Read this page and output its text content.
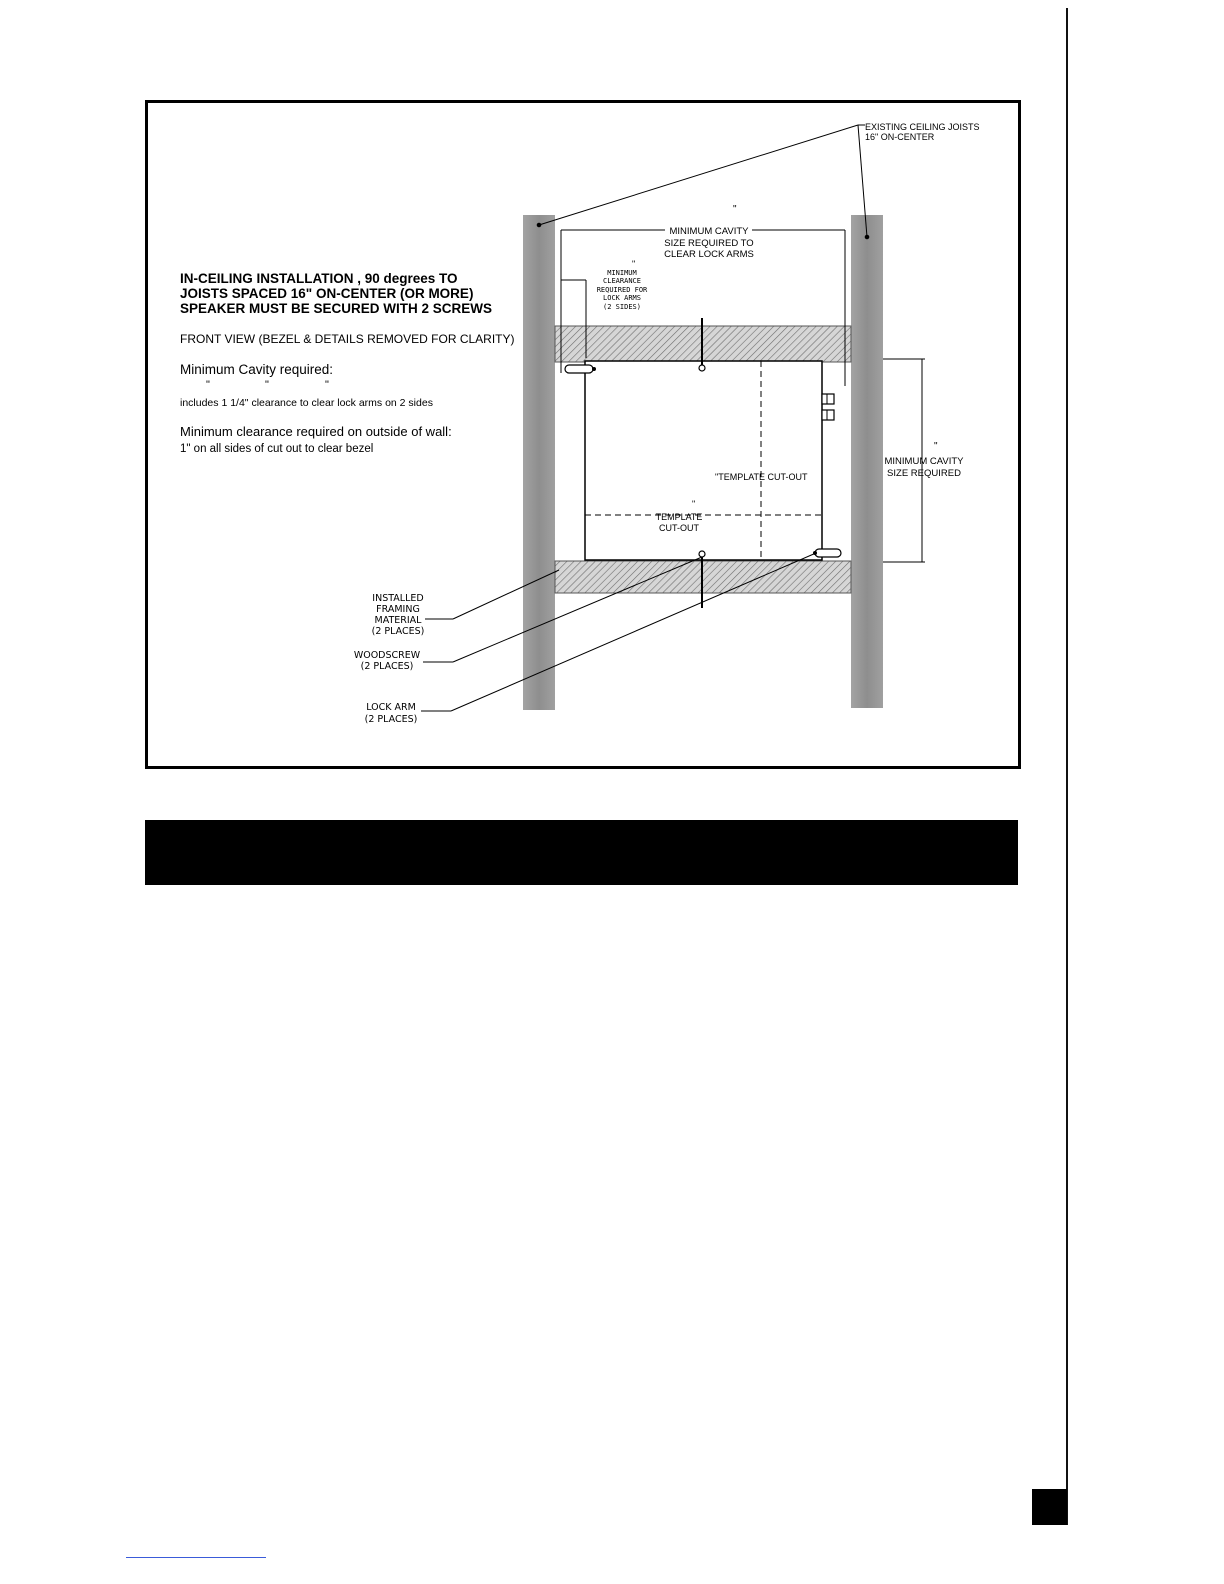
IN-CEILING INSTALLATION , 90 degrees TO
JOISTS SPACED 16" ON-CENTER (OR MORE)
SPEAKER MUST BE SECURED WITH 2 SCREWS
FRONT VIEW (BEZEL & DETAILS REMOVED FOR CLARITY)
Minimum Cavity required:
"	"	"
includes 1 1/4" clearance to clear lock arms on 2 sides
Minimum clearance required on outside of wall:
1" on all sides of cut out to clear bezel
EXISTING CEILING JOISTS
16" ON-CENTER
"
MINIMUM CAVITY
SIZE REQUIRED TO
CLEAR LOCK ARMS
"
MINIMUM
CLEARANCE
REQUIRED FOR
LOCK ARMS
(2 SIDES)
"
MINIMUM CAVITY
SIZE REQUIRED
"TEMPLATE CUT-OUT
"
TEMPLATE
CUT-OUT
INSTALLED
FRAMING
MATERIAL
(2 PLACES)
WOODSCREW
(2 PLACES)
LOCK ARM
(2 PLACES)
